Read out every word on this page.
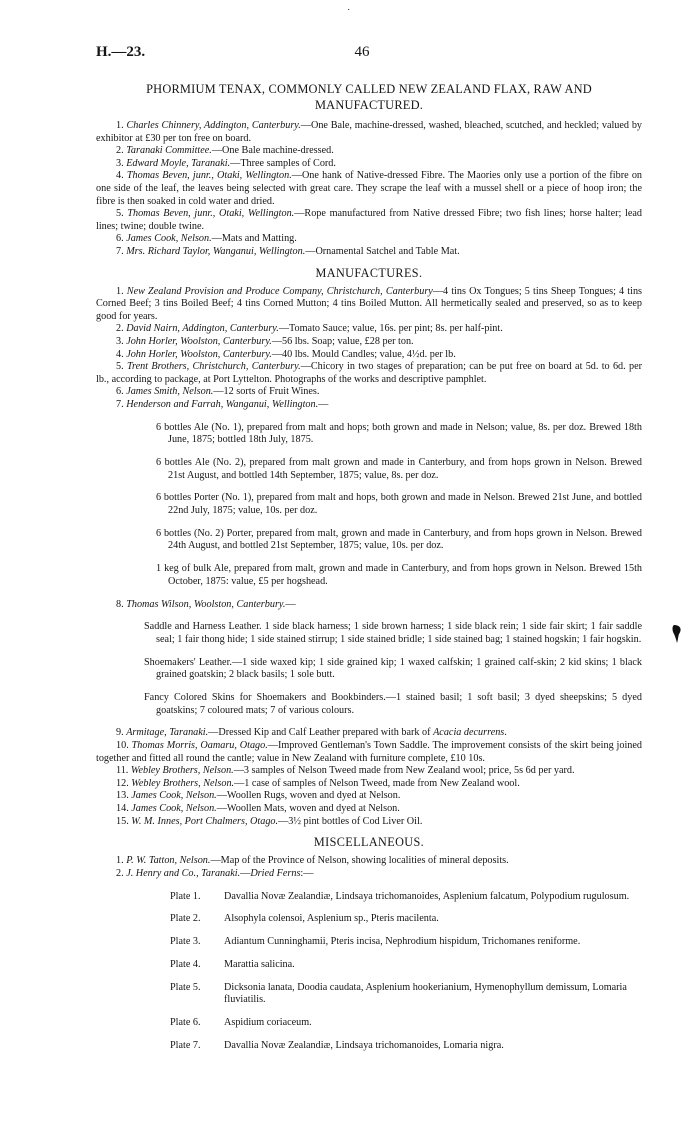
˙
H.—23.	46
PHORMIUM TENAX, COMMONLY CALLED NEW ZEALAND FLAX, RAW AND MANUFACTURED.

1. Charles Chinnery, Addington, Canterbury.—One Bale, machine-dressed, washed, bleached, scutched, and heckled; valued by exhibitor at £30 per ton free on board.

2. Taranaki Committee.—One Bale machine-dressed.

3. Edward Moyle, Taranaki.—Three samples of Cord.

4. Thomas Beven, junr., Otaki, Wellington.—One hank of Native-dressed Fibre. The Maories only use a portion of the fibre on one side of the leaf, the leaves being selected with great care. They scrape the leaf with a mussel shell or a piece of hoop iron; the fibre is then soaked in cold water and dried.

5. Thomas Beven, junr., Otaki, Wellington.—Rope manufactured from Native dressed Fibre; two fish lines; horse halter; lead lines; twine; double twine.

6. James Cook, Nelson.—Mats and Matting.

7. Mrs. Richard Taylor, Wanganui, Wellington.—Ornamental Satchel and Table Mat.

MANUFACTURES.

1. New Zealand Provision and Produce Company, Christchurch, Canterbury—4 tins Ox Tongues; 5 tins Sheep Tongues; 4 tins Corned Beef; 3 tins Boiled Beef; 4 tins Corned Mutton; 4 tins Boiled Mutton. All hermetically sealed and preserved, so as to keep good for years.

2. David Nairn, Addington, Canterbury.—Tomato Sauce; value, 16s. per pint; 8s. per half-pint.

3. John Horler, Woolston, Canterbury.—56 lbs. Soap; value, £28 per ton.

4. John Horler, Woolston, Canterbury.—40 lbs. Mould Candles; value, 4½d. per lb.

5. Trent Brothers, Christchurch, Canterbury.—Chicory in two stages of preparation; can be put free on board at 5d. to 6d. per lb., according to package, at Port Lyttelton. Photographs of the works and descriptive pamphlet.

6. James Smith, Nelson.—12 sorts of Fruit Wines.

7. Henderson and Farrah, Wanganui, Wellington.—

6 bottles Ale (No. 1), prepared from malt and hops; both grown and made in Nelson; value, 8s. per doz. Brewed 18th June, 1875; bottled 18th July, 1875.

6 bottles Ale (No. 2), prepared from malt grown and made in Canterbury, and from hops grown in Nelson. Brewed 21st August, and bottled 14th September, 1875; value, 8s. per doz.

6 bottles Porter (No. 1), prepared from malt and hops, both grown and made in Nelson. Brewed 21st June, and bottled 22nd July, 1875; value, 10s. per doz.

6 bottles (No. 2) Porter, prepared from malt, grown and made in Canterbury, and from hops grown in Nelson. Brewed 24th August, and bottled 21st September, 1875; value, 10s. per doz.

1 keg of bulk Ale, prepared from malt, grown and made in Canterbury, and from hops grown in Nelson. Brewed 15th October, 1875: value, £5 per hogshead.

8. Thomas Wilson, Woolston, Canterbury.—

Saddle and Harness Leather. 1 side black harness; 1 side brown harness; 1 side black rein; 1 side fair skirt; 1 fair saddle seal; 1 fair thong hide; 1 side stained stirrup; 1 side stained bridle; 1 side stained bag; 1 stained hogskin; 1 fair hogskin.

Shoemakers' Leather.—1 side waxed kip; 1 side grained kip; 1 waxed calfskin; 1 grained calf-skin; 2 kid skins; 1 black grained goatskin; 2 black basils; 1 sole butt.

Fancy Colored Skins for Shoemakers and Bookbinders.—1 stained basil; 1 soft basil; 3 dyed sheepskins; 5 dyed goatskins; 7 coloured mats; 7 of various colours.

9. Armitage, Taranaki.—Dressed Kip and Calf Leather prepared with bark of Acacia decurrens.

10. Thomas Morris, Oamaru, Otago.—Improved Gentleman's Town Saddle. The improvement consists of the skirt being joined together and fitted all round the cantle; value in New Zealand with furniture complete, £10 10s.

11. Webley Brothers, Nelson.—3 samples of Nelson Tweed made from New Zealand wool; price, 5s 6d per yard.

12. Webley Brothers, Nelson.—1 case of samples of Nelson Tweed, made from New Zealand wool.

13. James Cook, Nelson.—Woollen Rugs, woven and dyed at Nelson.

14. James Cook, Nelson.—Woollen Mats, woven and dyed at Nelson.

15. W. M. Innes, Port Chalmers, Otago.—3½ pint bottles of Cod Liver Oil.

MISCELLANEOUS.

1. P. W. Tatton, Nelson.—Map of the Province of Nelson, showing localities of mineral deposits.

2. J. Henry and Co., Taranaki.—Dried Ferns:—

Plate 1. Davallia Novæ Zealandiæ, Lindsaya trichomanoides, Asplenium falcatum, Polypodium rugulosum.

Plate 2. Alsophyla colensoi, Asplenium sp., Pteris macilenta.

Plate 3. Adiantum Cunninghamii, Pteris incisa, Nephrodium hispidum, Trichomanes reniforme.

Plate 4. Marattia salicina.

Plate 5. Dicksonia lanata, Doodia caudata, Asplenium hookerianium, Hymenophyllum demissum, Lomaria fluviatilis.

Plate 6. Aspidium coriaceum.

Plate 7. Davallia Novæ Zealandiæ, Lindsaya trichomanoides, Lomaria nigra.
